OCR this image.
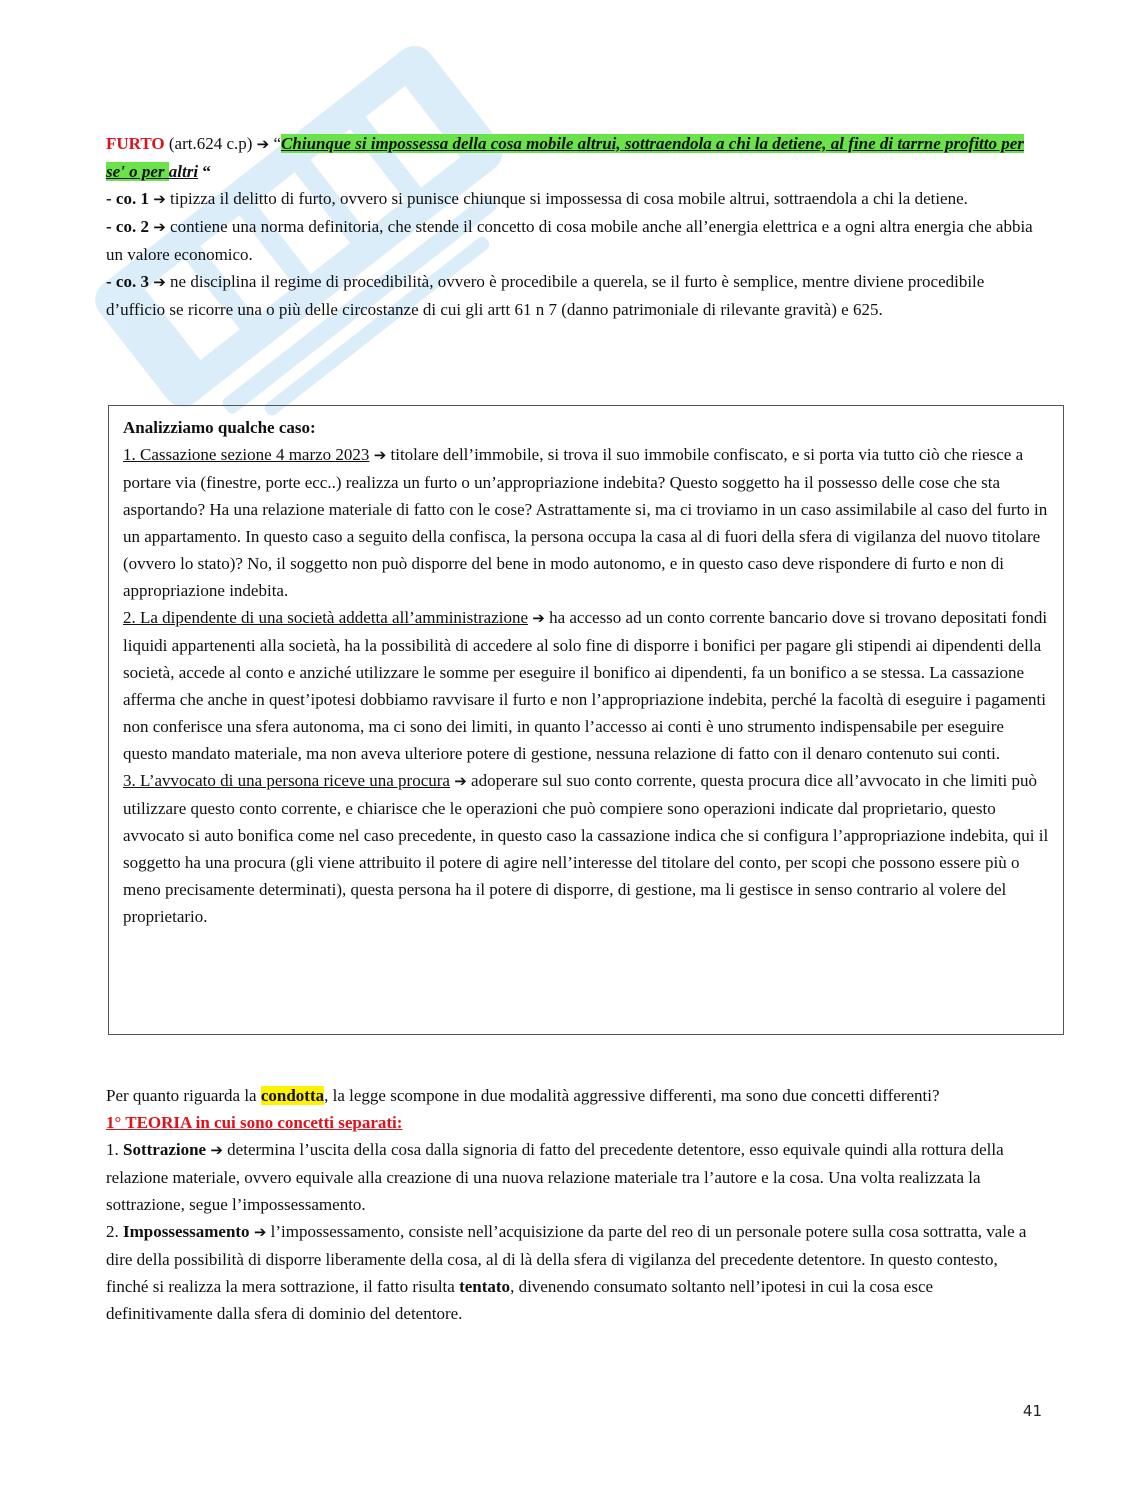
FURTO (art.624 c.p) ➔ “Chiunque si impossessa della cosa mobile altrui, sottraendola a chi la detiene, al fine di tarrne profitto per se' o per altri “

- co. 1 ➔ tipizza il delitto di furto, ovvero si punisce chiunque si impossessa di cosa mobile altrui, sottraendola a chi la detiene.

- co. 2 ➔ contiene una norma definitoria, che stende il concetto di cosa mobile anche all’energia elettrica e a ogni altra energia che abbia un valore economico.

- co. 3 ➔ ne disciplina il regime di procedibilità, ovvero è procedibile a querela, se il furto è semplice, mentre diviene procedibile d’ufficio se ricorre una o più delle circostanze di cui gli artt 61 n 7 (danno patrimoniale di rilevante gravità) e 625.

Analizziamo qualche caso:

1. Cassazione sezione 4 marzo 2023 ➔ titolare dell’immobile, si trova il suo immobile confiscato, e si porta via tutto ciò che riesce a portare via (finestre, porte ecc..) realizza un furto o un’appropriazione indebita? Questo soggetto ha il possesso delle cose che sta asportando? Ha una relazione materiale di fatto con le cose? Astrattamente si, ma ci troviamo in un caso assimilabile al caso del furto in un appartamento. In questo caso a seguito della confisca, la persona occupa la casa al di fuori della sfera di vigilanza del nuovo titolare (ovvero lo stato)? No, il soggetto non può disporre del bene in modo autonomo, e in questo caso deve rispondere di furto e non di appropriazione indebita.

2. La dipendente di una società addetta all’amministrazione ➔ ha accesso ad un conto corrente bancario dove si trovano depositati fondi liquidi appartenenti alla società, ha la possibilità di accedere al solo fine di disporre i bonifici per pagare gli stipendi ai dipendenti della società, accede al conto e anziché utilizzare le somme per eseguire il bonifico ai dipendenti, fa un bonifico a se stessa. La cassazione afferma che anche in quest’ipotesi dobbiamo ravvisare il furto e non l’appropriazione indebita, perché la facoltà di eseguire i pagamenti non conferisce una sfera autonoma, ma ci sono dei limiti, in quanto l’accesso ai conti è uno strumento indispensabile per eseguire questo mandato materiale, ma non aveva ulteriore potere di gestione, nessuna relazione di fatto con il denaro contenuto sui conti.

3. L’avvocato di una persona riceve una procura ➔ adoperare sul suo conto corrente, questa procura dice all’avvocato in che limiti può utilizzare questo conto corrente, e chiarisce che le operazioni che può compiere sono operazioni indicate dal proprietario, questo avvocato si auto bonifica come nel caso precedente, in questo caso la cassazione indica che si configura l’appropriazione indebita, qui il soggetto ha una procura (gli viene attribuito il potere di agire nell’interesse del titolare del conto, per scopi che possono essere più o meno precisamente determinati), questa persona ha il potere di disporre, di gestione, ma li gestisce in senso contrario al volere del proprietario.

Per quanto riguarda la condotta, la legge scompone in due modalità aggressive differenti, ma sono due concetti differenti?

1° TEORIA in cui sono concetti separati:

1. Sottrazione ➔ determina l’uscita della cosa dalla signoria di fatto del precedente detentore, esso equivale quindi alla rottura della relazione materiale, ovvero equivale alla creazione di una nuova relazione materiale tra l’autore e la cosa. Una volta realizzata la sottrazione, segue l’impossessamento.

2. Impossessamento ➔ l’impossessamento, consiste nell’acquisizione da parte del reo di un personale potere sulla cosa sottratta, vale a dire della possibilità di disporre liberamente della cosa, al di là della sfera di vigilanza del precedente detentore. In questo contesto, finché si realizza la mera sottrazione, il fatto risulta tentato, divenendo consumato soltanto nell’ipotesi in cui la cosa esce definitivamente dalla sfera di dominio del detentore.

41
